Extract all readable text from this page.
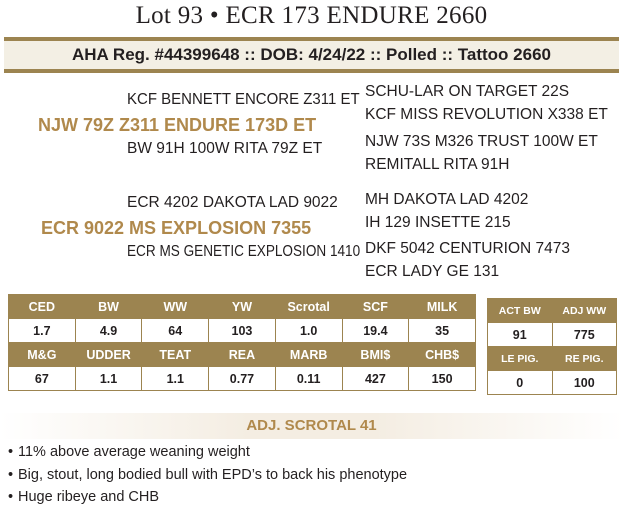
Lot 93 • ECR 173 ENDURE 2660
AHA Reg. #44399648 :: DOB: 4/24/22 :: Polled :: Tattoo 2660
KCF BENNETT ENCORE Z311 ET
NJW 79Z Z311 ENDURE 173D ET
BW 91H 100W RITA 79Z ET
SCHU-LAR ON TARGET 22S
KCF MISS REVOLUTION X338 ET
NJW 73S M326 TRUST 100W ET
REMITALL RITA 91H
ECR 4202 DAKOTA LAD 9022
ECR 9022 MS EXPLOSION 7355
ECR MS GENETIC EXPLOSION 1410
MH DAKOTA LAD 4202
IH 129 INSETTE 215
DKF 5042 CENTURION 7473
ECR LADY GE 131
CED	BW	WW	YW	Scrotal	SCF	MILK
1.7	4.9	64	103	1.0	19.4	35
M&G	UDDER	TEAT	REA	MARB	BMI$	CHB$
67	1.1	1.1	0.77	0.11	427	150
ACT BW	ADJ WW
91	775
LE PIG.	RE PIG.
0	100
ADJ. SCROTAL 41
• 11% above average weaning weight
• Big, stout, long bodied bull with EPD’s to back his phenotype
• Huge ribeye and CHB
